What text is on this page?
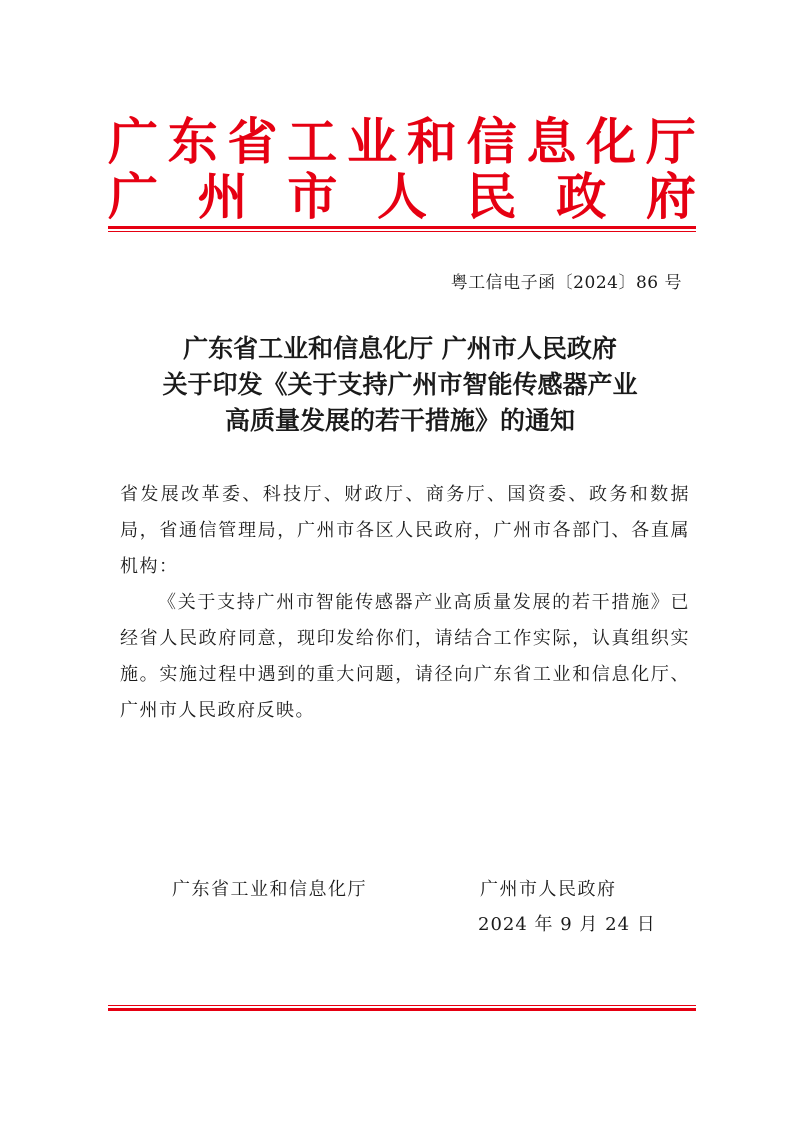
广 东 省 工 业 和 信 息 化 厅
广 州 市 人 民 政 府
粤工信电子函〔2024〕86 号
广东省工业和信息化厅 广州市人民政府
关于印发《关于支持广州市智能传感器产业
高质量发展的若干措施》的通知
省发展改革委、科技厅、财政厅、商务厅、国资委、政务和数据局，省通信管理局，广州市各区人民政府，广州市各部门、各直属机构：
《关于支持广州市智能传感器产业高质量发展的若干措施》已经省人民政府同意，现印发给你们，请结合工作实际，认真组织实施。实施过程中遇到的重大问题，请径向广东省工业和信息化厅、广州市人民政府反映。
广东省工业和信息化厅	广州市人民政府
2024 年 9 月 24 日
